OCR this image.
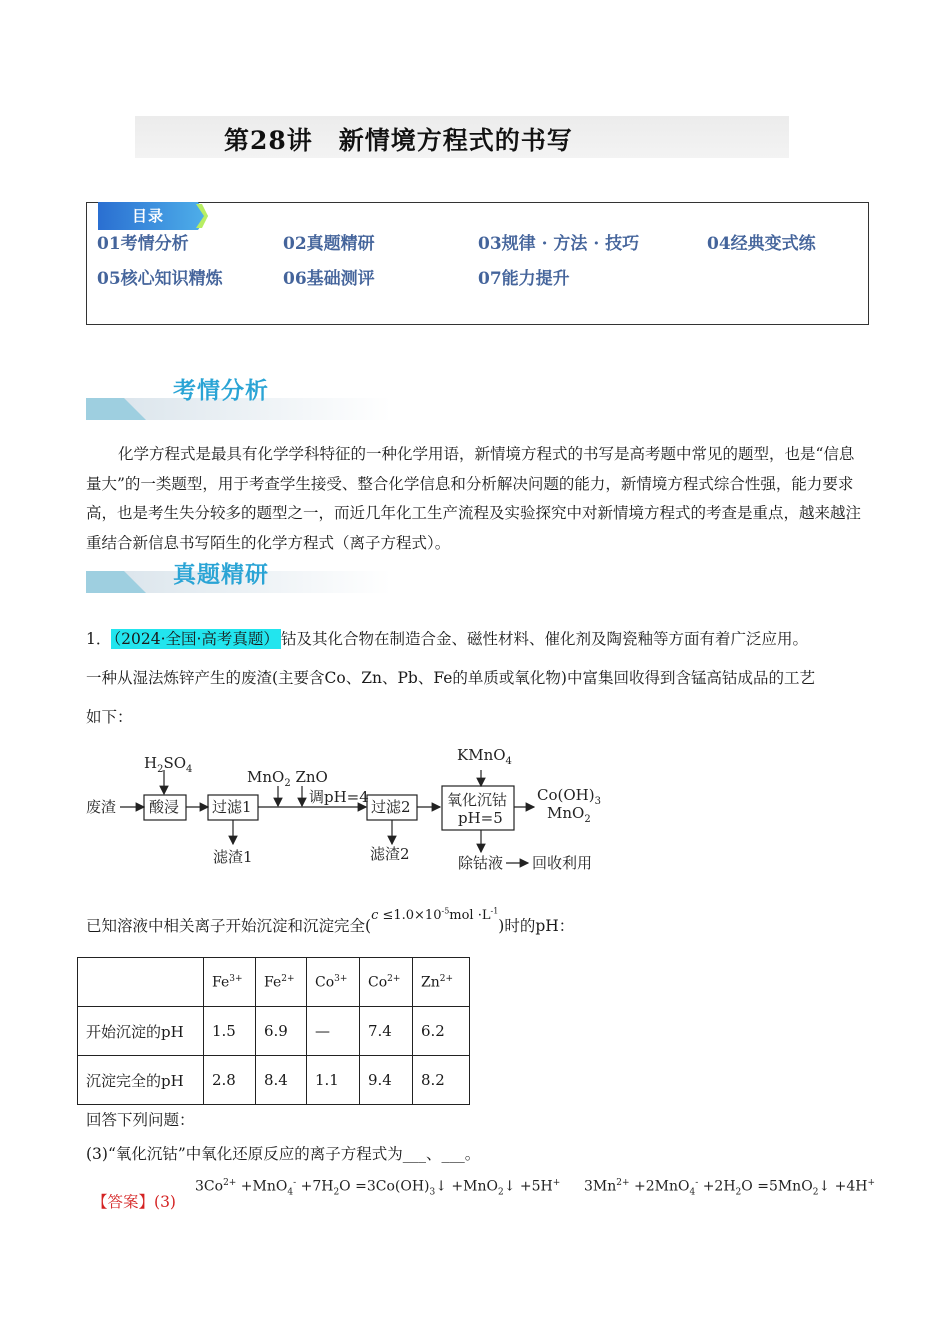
第28讲　新情境方程式的书写
目录
01考情分析	02真题精研	03规律 · 方法 · 技巧	04经典变式练
05核心知识精炼	06基础测评	07能力提升
考情分析
化学方程式是最具有化学学科特征的一种化学用语，新情境方程式的书写是高考题中常见的题型，也是“信息量大”的一类题型，用于考查学生接受、整合化学信息和分析解决问题的能力，新情境方程式综合性强，能力要求高，也是考生失分较多的题型之一，而近几年化工生产流程及实验探究中对新情境方程式的考查是重点，越来越注重结合新信息书写陌生的化学方程式（离子方程式）。
真题精研
1． （2024·全国·高考真题） 钴及其化合物在制造合金、磁性材料、催化剂及陶瓷釉等方面有着广泛应用。
一种从湿法炼锌产生的废渣(主要含Co、Zn、Pb、Fe的单质或氧化物)中富集回收得到含锰高钴成品的工艺
如下：
废渣
$H_2SO_4$
酸浸 过滤1
滤渣1
MnO$_2$ ZnO
调pH=4
过滤2
滤渣2
KMnO$_4$
氧化沉钴
pH=5
$Co(OH)_3$
MnO$_2$
除钴液 回收利用
已知溶液中相关离子开始沉淀和沉淀完全($^{c \le 1.0\times 10^{-5}mol \cdot L^{-1}}$)时的pH：
	$Fe^{3+}$	$Fe^{2+}$	$Co^{3+}$	$Co^{2+}$	$Zn^{2+}$
开始沉淀的pH	1.5	6.9	—	7.4	6.2
沉淀完全的pH	2.8	8.4	1.1	9.4	8.2
回答下列问题：
(3)“氧化沉钴”中氧化还原反应的离子方程式为___、___。
【答案】(3)
$3Co^{2+} +MnO_4^- +7H_2O$ $=3Co(OH)_3↓$ +MnO$_2$↓ +5H+ $3Mn^{2+} +2MnO_4^- +2H_2O$ =5MnO$_2$↓ +4H+
